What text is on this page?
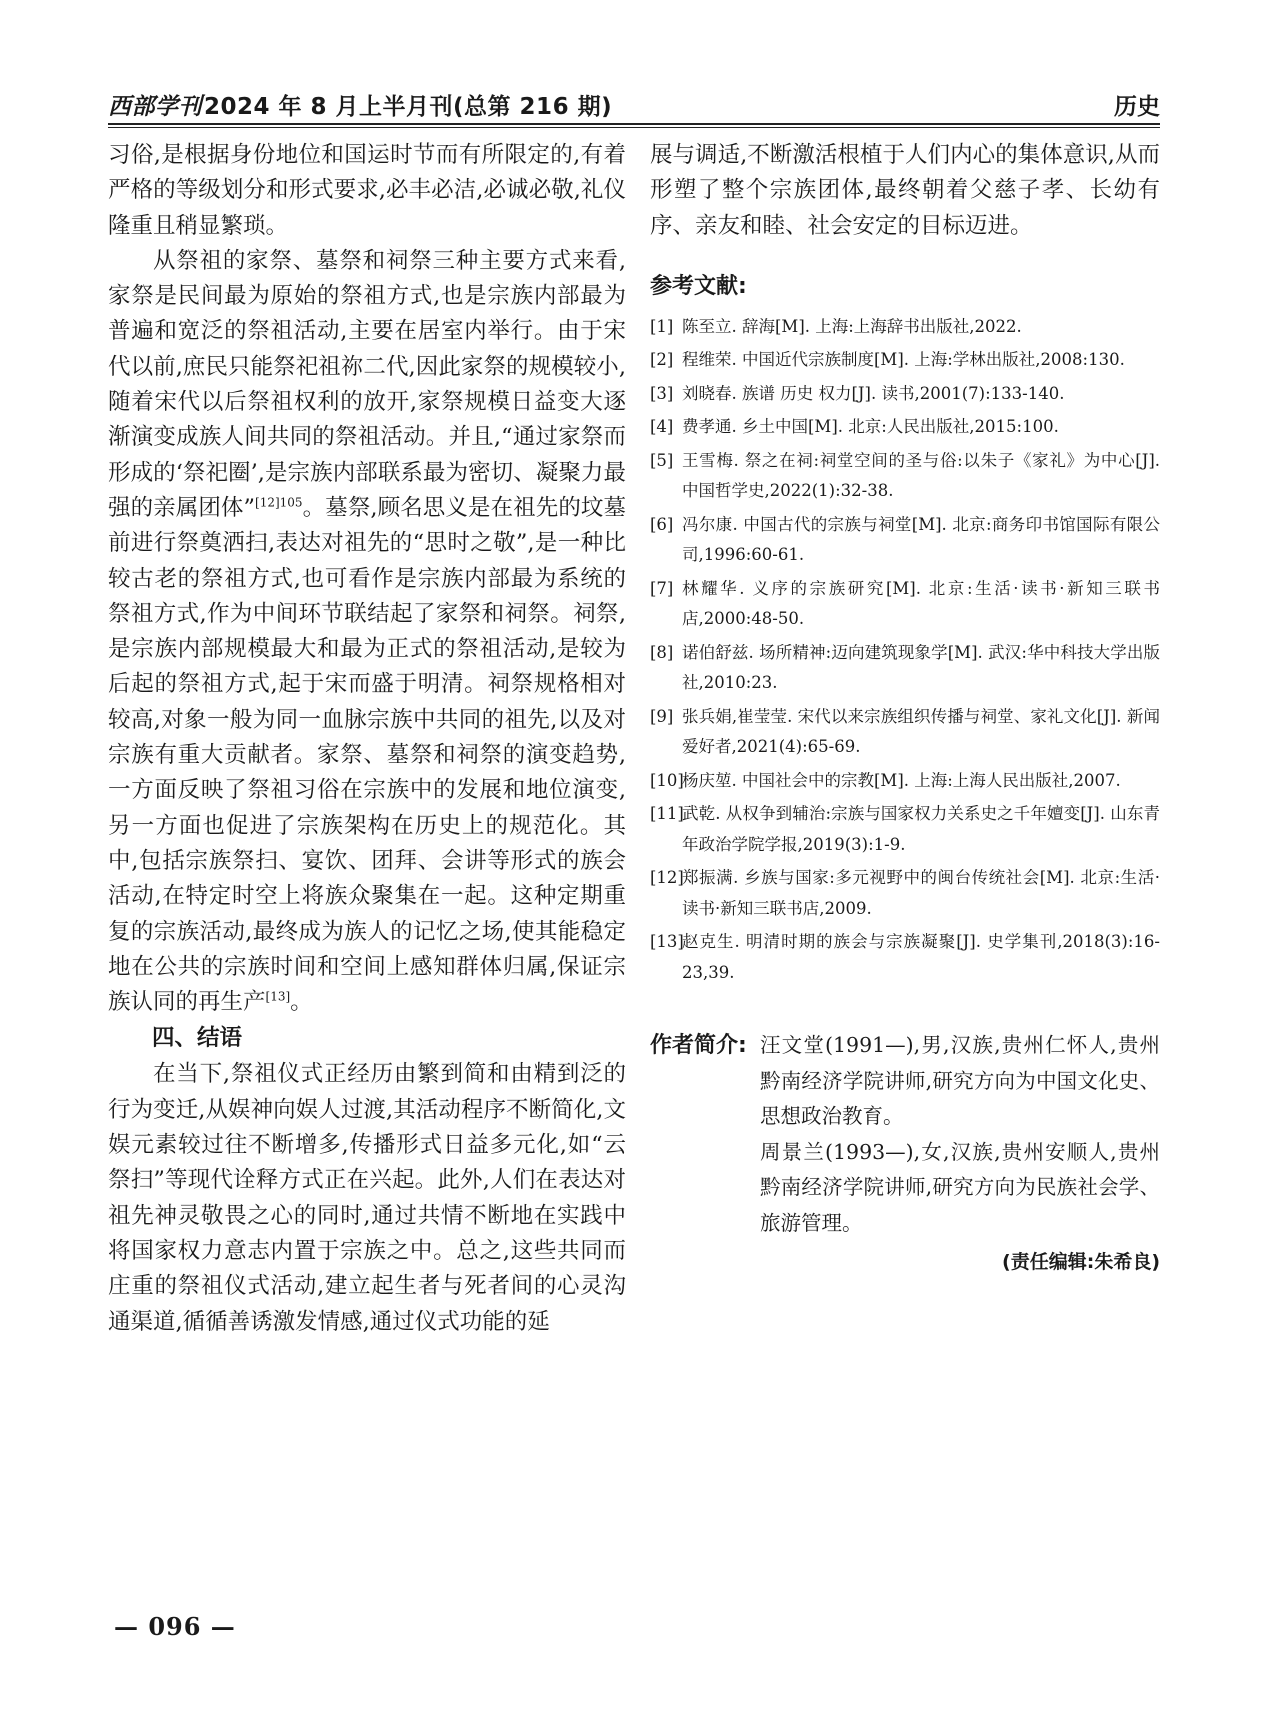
西部学刊2024 年 8 月上半月刊(总第 216 期)	历史

习俗,是根据身份地位和国运时节而有所限定的,有着严格的等级划分和形式要求,必丰必洁,必诚必敬,礼仪隆重且稍显繁琐。

从祭祖的家祭、墓祭和祠祭三种主要方式来看,家祭是民间最为原始的祭祖方式,也是宗族内部最为普遍和宽泛的祭祖活动,主要在居室内举行。由于宋代以前,庶民只能祭祀祖祢二代,因此家祭的规模较小,随着宋代以后祭祖权利的放开,家祭规模日益变大逐渐演变成族人间共同的祭祖活动。并且,“通过家祭而形成的‘祭祀圈’,是宗族内部联系最为密切、凝聚力最强的亲属团体”$^{[12]105}$。墓祭,顾名思义是在祖先的坟墓前进行祭奠洒扫,表达对祖先的“思时之敬”,是一种比较古老的祭祖方式,也可看作是宗族内部最为系统的祭祖方式,作为中间环节联结起了家祭和祠祭。祠祭,是宗族内部规模最大和最为正式的祭祖活动,是较为后起的祭祖方式,起于宋而盛于明清。祠祭规格相对较高,对象一般为同一血脉宗族中共同的祖先,以及对宗族有重大贡献者。家祭、墓祭和祠祭的演变趋势,一方面反映了祭祖习俗在宗族中的发展和地位演变,另一方面也促进了宗族架构在历史上的规范化。其中,包括宗族祭扫、宴饮、团拜、会讲等形式的族会活动,在特定时空上将族众聚集在一起。这种定期重复的宗族活动,最终成为族人的记忆之场,使其能稳定地在公共的宗族时间和空间上感知群体归属,保证宗族认同的再生产[13]。

四、结语

在当下,祭祖仪式正经历由繁到简和由精到泛的行为变迁,从娱神向娱人过渡,其活动程序不断简化,文娱元素较过往不断增多,传播形式日益多元化,如“云祭扫”等现代诠释方式正在兴起。此外,人们在表达对祖先神灵敬畏之心的同时,通过共情不断地在实践中将国家权力意志内置于宗族之中。总之,这些共同而庄重的祭祖仪式活动,建立起生者与死者间的心灵沟通渠道,循循善诱激发情感,通过仪式功能的延

展与调适,不断激活根植于人们内心的集体意识,从而形塑了整个宗族团体,最终朝着父慈子孝、长幼有序、亲友和睦、社会安定的目标迈进。

参考文献:
[1] 陈至立. 辞海[M]. 上海:上海辞书出版社,2022.
[2] 程维荣. 中国近代宗族制度[M]. 上海:学林出版社,2008:130.
[3] 刘晓春. 族谱 历史 权力[J]. 读书,2001(7):133-140.
[4] 费孝通. 乡土中国[M]. 北京:人民出版社,2015:100.
[5] 王雪梅. 祭之在祠:祠堂空间的圣与俗:以朱子《家礼》为中心[J]. 中国哲学史,2022(1):32-38.
[6] 冯尔康. 中国古代的宗族与祠堂[M]. 北京:商务印书馆国际有限公司,1996:60-61.
[7] 林耀华. 义序的宗族研究[M]. 北京:生活·读书·新知三联书店,2000:48-50.
[8] 诺伯舒兹. 场所精神:迈向建筑现象学[M]. 武汉:华中科技大学出版社,2010:23.
[9] 张兵娟,崔莹莹. 宋代以来宗族组织传播与祠堂、家礼文化[J]. 新闻爱好者,2021(4):65-69.
[10]
杨庆堃. 中国社会中的宗教[M]. 上海:上海人民出版社,2007.
[11]
武乾. 从权争到辅治:宗族与国家权力关系史之千年嬗变[J]. 山东青年政治学院学报,2019(3):1-9.
[12]
郑振满. 乡族与国家:多元视野中的闽台传统社会[M]. 北京:生活·读书·新知三联书店,2009.
[13]
赵克生. 明清时期的族会与宗族凝聚[J]. 史学集刊,2018(3):16-23,39.
作者简介: 汪文堂(1991—),男,汉族,贵州仁怀人,贵州黔南经济学院讲师,研究方向为中国文化史、思想政治教育。

周景兰(1993—),女,汉族,贵州安顺人,贵州黔南经济学院讲师,研究方向为民族社会学、旅游管理。

(责任编辑:朱希良)
— 096 —
